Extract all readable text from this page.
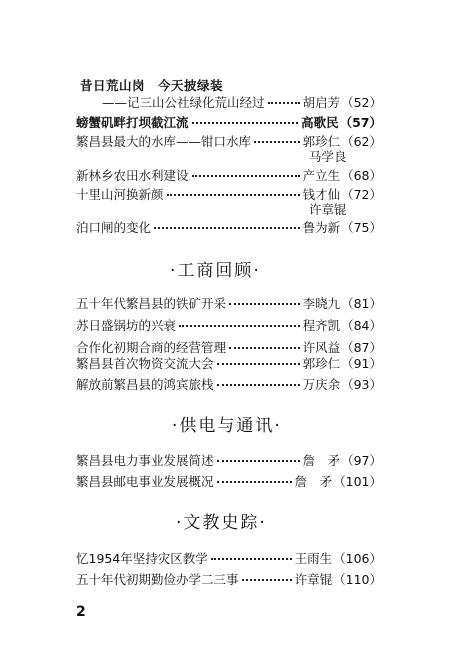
昔日荒山岗　今天披绿装
——记三山公社绿化荒山经过	胡启芳 （52）
螃蟹矶畔打坝截江流	高歌民 （57）
繁昌县最大的水库——钳口水库	郭珍仁 （62）
马学良
新林乡农田水利建设	产立生 （68）
十里山河换新颜	钱才仙 （72）
许章锟
泊口闸的变化	鲁为新 （75）
·工商回顾·
五十年代繁昌县的铁矿开采	李晓九 （81）
苏日盛锅坊的兴衰	程齐凯 （84）
合作化初期合商的经营管理	许风益 （87）
繁昌县首次物资交流大会	郭珍仁 （91）
解放前繁昌县的鸿宾旅栈	万庆余 （93）
·供电与通讯·
繁昌县电力事业发展简述	詹　矛 （97）
繁昌县邮电事业发展概况	詹　矛 （101）
·文教史踪·
忆1954年坚持灾区教学	王雨生 （106）
五十年代初期勤俭办学二三事	许章锟 （110）
2
